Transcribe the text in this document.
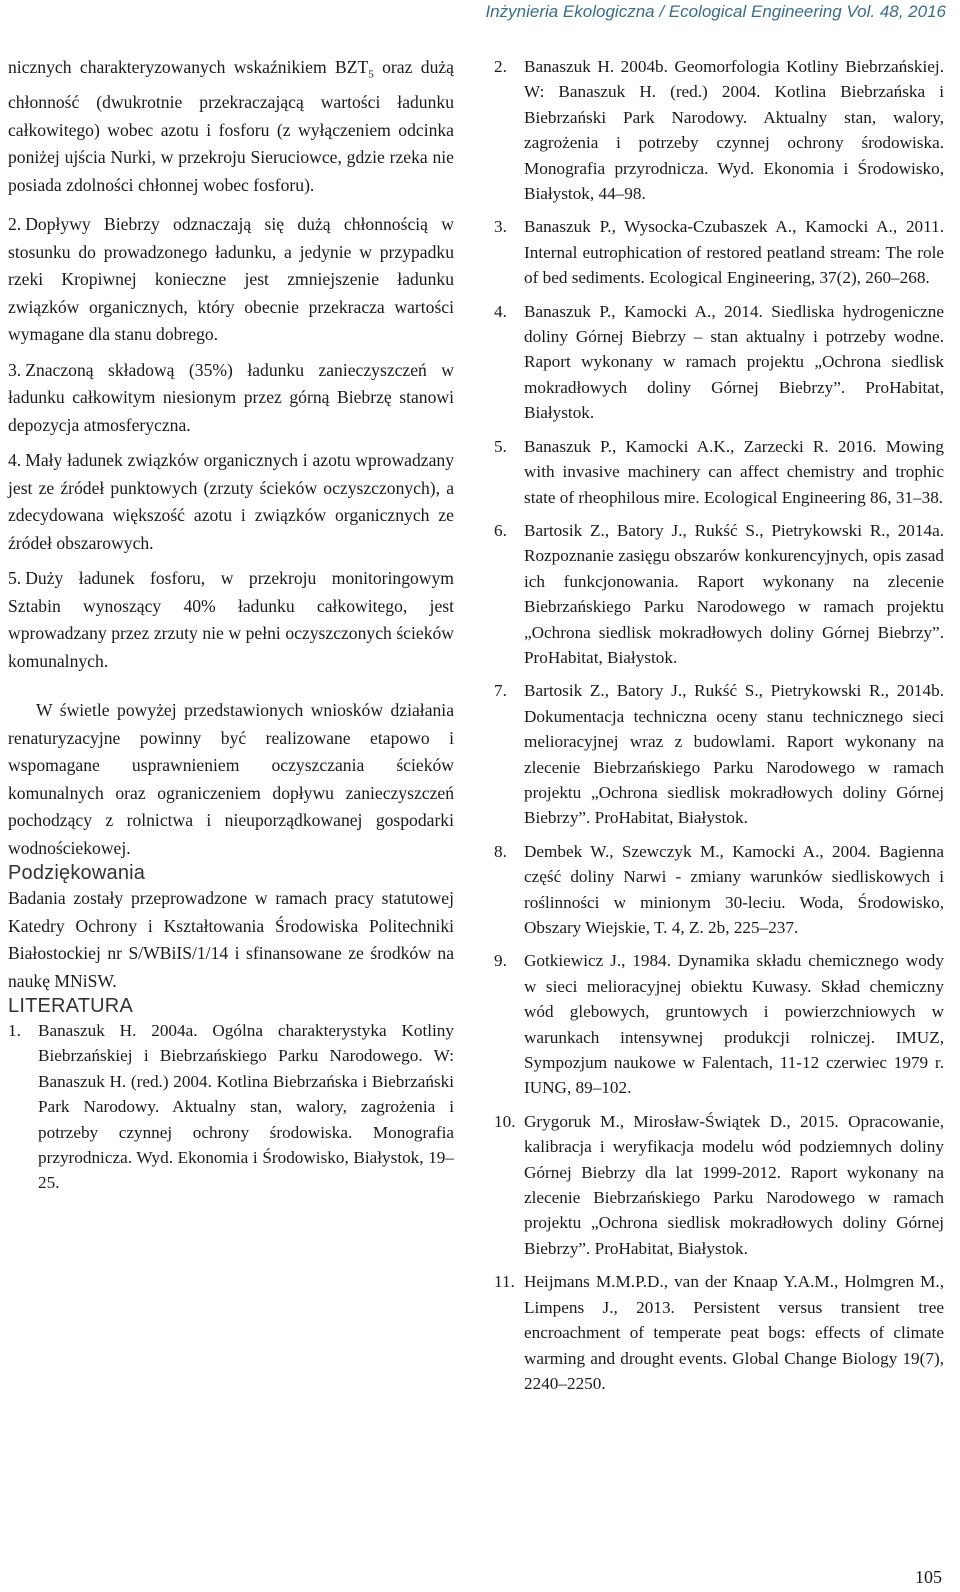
Inżynieria Ekologiczna / Ecological Engineering Vol. 48, 2016

nicznych charakteryzowanych wskaźnikiem $BZT_5$ oraz dużą chłonność (dwukrotnie przekraczającą wartości ładunku całkowitego) wobec azotu i fosforu (z wyłączeniem odcinka poniżej ujścia Nurki, w przekroju Sieruciowce, gdzie rzeka nie posiada zdolności chłonnej wobec fosforu).

2. Dopływy Biebrzy odznaczają się dużą chłonnością w stosunku do prowadzonego ładunku, a jedynie w przypadku rzeki Kropiwnej konieczne jest zmniejszenie ładunku związków organicznych, który obecnie przekracza wartości wymagane dla stanu dobrego.

3. Znaczoną składową (35%) ładunku zanieczyszczeń w ładunku całkowitym niesionym przez górną Biebrzę stanowi depozycja atmosferyczna.

4. Mały ładunek związków organicznych i azotu wprowadzany jest ze źródeł punktowych (zrzuty ścieków oczyszczonych), a zdecydowana większość azotu i związków organicznych ze źródeł obszarowych.

5. Duży ładunek fosforu, w przekroju monitoringowym Sztabin wynoszący 40% ładunku całkowitego, jest wprowadzany przez zrzuty nie w pełni oczyszczonych ścieków komunalnych.

W świetle powyżej przedstawionych wniosków działania renaturyzacyjne powinny być realizowane etapowo i wspomagane usprawnieniem oczyszczania ścieków komunalnych oraz ograniczeniem dopływu zanieczyszczeń pochodzący z rolnictwa i nieuporządkowanej gospodarki wodnościekowej.

Podziękowania

Badania zostały przeprowadzone w ramach pracy statutowej Katedry Ochrony i Kształtowania Środowiska Politechniki Białostockiej nr S/WBiIS/1/14 i sfinansowane ze środków na naukę MNiSW.

LITERATURA
1. Banaszuk H. 2004a. Ogólna charakterystyka Kotliny Biebrzańskiej i Biebrzańskiego Parku Narodowego. W: Banaszuk H. (red.) 2004. Kotlina Biebrzańska i Biebrzański Park Narodowy. Aktualny stan, walory, zagrożenia i potrzeby czynnej ochrony środowiska. Monografia przyrodnicza. Wyd. Ekonomia i Środowisko, Białystok, 19–25.
2. Banaszuk H. 2004b. Geomorfologia Kotliny Biebrzańskiej. W: Banaszuk H. (red.) 2004. Kotlina Biebrzańska i Biebrzański Park Narodowy. Aktualny stan, walory, zagrożenia i potrzeby czynnej ochrony środowiska. Monografia przyrodnicza. Wyd. Ekonomia i Środowisko, Białystok, 44–98.
3. Banaszuk P., Wysocka-Czubaszek A., Kamocki A., 2011. Internal eutrophication of restored peatland stream: The role of bed sediments. Ecological Engineering, 37(2), 260–268.
4. Banaszuk P., Kamocki A., 2014. Siedliska hydrogeniczne doliny Górnej Biebrzy – stan aktualny i potrzeby wodne. Raport wykonany w ramach projektu „Ochrona siedlisk mokradłowych doliny Górnej Biebrzy”. ProHabitat, Białystok.
5. Banaszuk P., Kamocki A.K., Zarzecki R. 2016. Mowing with invasive machinery can affect chemistry and trophic state of rheophilous mire. Ecological Engineering 86, 31–38.
6. Bartosik Z., Batory J., Rukść S., Pietrykowski R., 2014a. Rozpoznanie zasięgu obszarów konkurencyjnych, opis zasad ich funkcjonowania. Raport wykonany na zlecenie Biebrzańskiego Parku Narodowego w ramach projektu „Ochrona siedlisk mokradłowych doliny Górnej Biebrzy”. ProHabitat, Białystok.
7. Bartosik Z., Batory J., Rukść S., Pietrykowski R., 2014b. Dokumentacja techniczna oceny stanu technicznego sieci melioracyjnej wraz z budowlami. Raport wykonany na zlecenie Biebrzańskiego Parku Narodowego w ramach projektu „Ochrona siedlisk mokradłowych doliny Górnej Biebrzy”. ProHabitat, Białystok.
8. Dembek W., Szewczyk M., Kamocki A., 2004. Bagienna część doliny Narwi - zmiany warunków siedliskowych i roślinności w minionym 30-leciu. Woda, Środowisko, Obszary Wiejskie, T. 4, Z. 2b, 225–237.
9. Gotkiewicz J., 1984. Dynamika składu chemicznego wody w sieci melioracyjnej obiektu Kuwasy. Skład chemiczny wód glebowych, gruntowych i powierzchniowych w warunkach intensywnej produkcji rolniczej. IMUZ, Sympozjum naukowe w Falentach, 11-12 czerwiec 1979 r. IUNG, 89–102.
10. Grygoruk M., Mirosław-Świątek D., 2015. Opracowanie, kalibracja i weryfikacja modelu wód podziemnych doliny Górnej Biebrzy dla lat 1999-2012. Raport wykonany na zlecenie Biebrzańskiego Parku Narodowego w ramach projektu „Ochrona siedlisk mokradłowych doliny Górnej Biebrzy”. ProHabitat, Białystok.
11. Heijmans M.M.P.D., van der Knaap Y.A.M., Holmgren M., Limpens J., 2013. Persistent versus transient tree encroachment of temperate peat bogs: effects of climate warming and drought events. Global Change Biology 19(7), 2240–2250.
105
